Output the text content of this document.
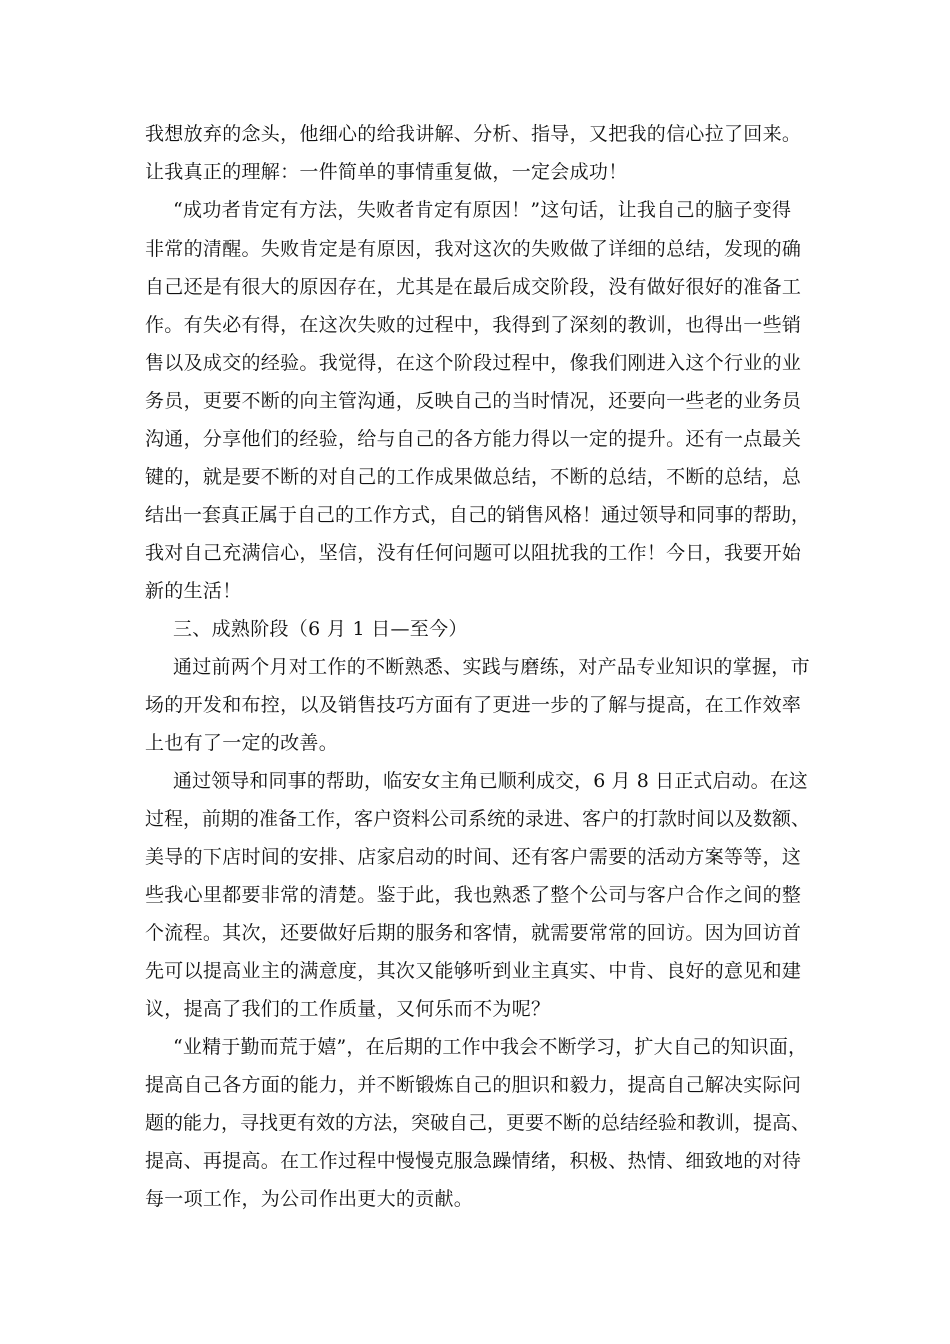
我想放弃的念头，他细心的给我讲解、分析、指导，又把我的信心拉了回来。
让我真正的理解：一件简单的事情重复做，一定会成功！
“成功者肯定有方法，失败者肯定有原因！”这句话，让我自己的脑子变得
非常的清醒。失败肯定是有原因，我对这次的失败做了详细的总结，发现的确
自己还是有很大的原因存在，尤其是在最后成交阶段，没有做好很好的准备工
作。有失必有得，在这次失败的过程中，我得到了深刻的教训，也得出一些销
售以及成交的经验。我觉得，在这个阶段过程中，像我们刚进入这个行业的业
务员，更要不断的向主管沟通，反映自己的当时情况，还要向一些老的业务员
沟通，分享他们的经验，给与自己的各方能力得以一定的提升。还有一点最关
键的，就是要不断的对自己的工作成果做总结，不断的总结，不断的总结，总
结出一套真正属于自己的工作方式，自己的销售风格！通过领导和同事的帮助，
我对自己充满信心，坚信，没有任何问题可以阻扰我的工作！今日，我要开始
新的生活！
三、成熟阶段（6 月 1 日—至今）
通过前两个月对工作的不断熟悉、实践与磨练，对产品专业知识的掌握，市
场的开发和布控，以及销售技巧方面有了更进一步的了解与提高，在工作效率
上也有了一定的改善。
通过领导和同事的帮助，临安女主角已顺利成交，6 月 8 日正式启动。在这
过程，前期的准备工作，客户资料公司系统的录进、客户的打款时间以及数额、
美导的下店时间的安排、店家启动的时间、还有客户需要的活动方案等等，这
些我心里都要非常的清楚。鉴于此，我也熟悉了整个公司与客户合作之间的整
个流程。其次，还要做好后期的服务和客情，就需要常常的回访。因为回访首
先可以提高业主的满意度，其次又能够听到业主真实、中肯、良好的意见和建
议，提高了我们的工作质量，又何乐而不为呢？
“业精于勤而荒于嬉”，在后期的工作中我会不断学习，扩大自己的知识面，
提高自己各方面的能力，并不断锻炼自己的胆识和毅力，提高自己解决实际问
题的能力，寻找更有效的方法，突破自己，更要不断的总结经验和教训，提高、
提高、再提高。在工作过程中慢慢克服急躁情绪，积极、热情、细致地的对待
每一项工作，为公司作出更大的贡献。
